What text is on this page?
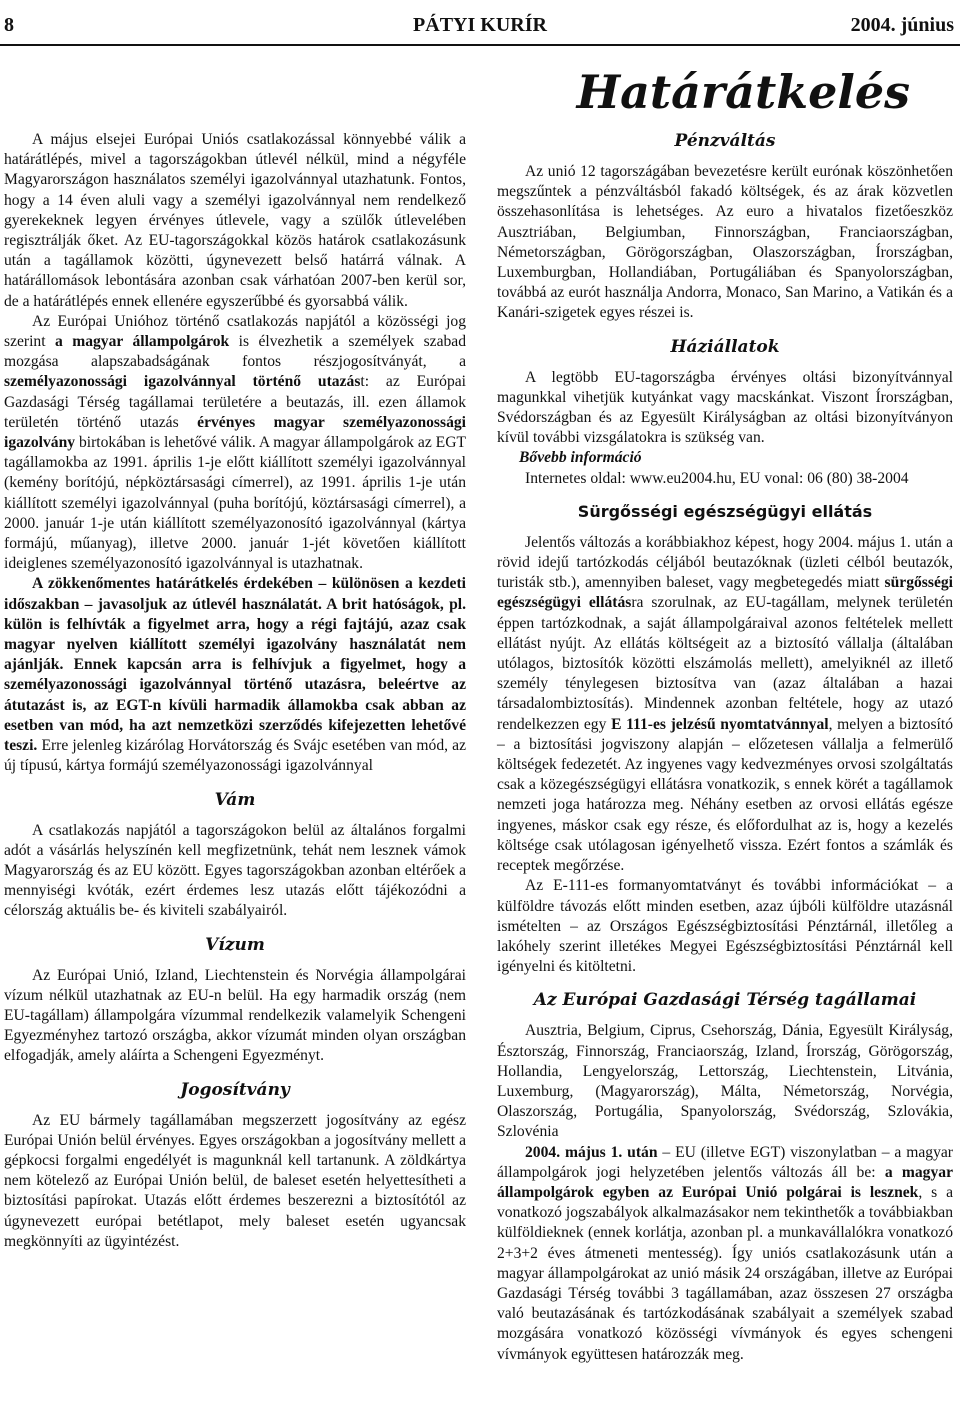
8	PÁTYI KURÍR	2004. június
Határátkelés

A május elsejei Európai Uniós csatlakozással könnyebbé válik a határátlépés, mivel a tagországokban útlevél nélkül, mind a négyféle Magyarországon használatos személyi igazolvánnyal utazhatunk. Fontos, hogy a 14 éven aluli vagy a személyi igazolvánnyal nem rendelkező gyerekeknek legyen érvényes útlevele, vagy a szülők útlevelében regisztrálják őket. Az EU-tagországokkal közös határok csatlakozásunk után a tagállamok közötti, úgynevezett belső határrá válnak. A határállomások lebontására azonban csak várhatóan 2007-ben kerül sor, de a határátlépés ennek ellenére egyszerűbbé és gyorsabbá válik.

Az Európai Unióhoz történő csatlakozás napjától a közösségi jog szerint a magyar állampolgárok is élvezhetik a személyek szabad mozgása alapszabadságának fontos részjogosítványát, a személyazonossági igazolvánnyal történő utazást: az Európai Gazdasági Térség tagállamai területére a beutazás, ill. ezen államok területén történő utazás érvényes magyar személyazonossági igazolvány birtokában is lehetővé válik. A magyar állampolgárok az EGT tagállamokba az 1991. április 1-je előtt kiállított személyi igazolvánnyal (kemény borítójú, népköztársasági címerrel), az 1991. április 1-je után kiállított személyi igazolvánnyal (puha borítójú, köztársasági címerrel), a 2000. január 1-je után kiállított személyazonosító igazolvánnyal (kártya formájú, műanyag), illetve 2000. január 1-jét követően kiállított ideiglenes személyazonosító igazolvánnyal is utazhatnak.

A zökkenőmentes határátkelés érdekében – különösen a kezdeti időszakban – javasoljuk az útlevél használatát. A brit hatóságok, pl. külön is felhívták a figyelmet arra, hogy a régi fajtájú, azaz csak magyar nyelven kiállított személyi igazolvány használatát nem ajánlják. Ennek kapcsán arra is felhívjuk a figyelmet, hogy a személyazonossági igazolvánnyal történő utazásra, beleértve az átutazást is, az EGT-n kívüli harmadik államokba csak abban az esetben van mód, ha azt nemzetközi szerződés kifejezetten lehetővé teszi. Erre jelenleg kizárólag Horvátország és Svájc esetében van mód, az új típusú, kártya formájú személyazonossági igazolvánnyal

Vám

A csatlakozás napjától a tagországokon belül az általános forgalmi adót a vásárlás helyszínén kell megfizetnünk, tehát nem lesznek vámok Magyarország és az EU között. Egyes tagországokban azonban eltérőek a mennyiségi kvóták, ezért érdemes lesz utazás előtt tájékozódni a célország aktuális be- és kiviteli szabályairól.

Vízum

Az Európai Unió, Izland, Liechtenstein és Norvégia állampolgárai vízum nélkül utazhatnak az EU-n belül. Ha egy harmadik ország (nem EU-tagállam) állampolgára vízummal rendelkezik valamelyik Schengeni Egyezményhez tartozó országba, akkor vízumát minden olyan országban elfogadják, amely aláírta a Schengeni Egyezményt.

Jogosítvány

Az EU bármely tagállamában megszerzett jogosítvány az egész Európai Unión belül érvényes. Egyes országokban a jogosítvány mellett a gépkocsi forgalmi engedélyét is magunknál kell tartanunk. A zöldkártya nem kötelező az Európai Unión belül, de baleset esetén helyettesítheti a biztosítási papírokat. Utazás előtt érdemes beszerezni a biztosítótól az úgynevezett európai betétlapot, mely baleset esetén ugyancsak megkönnyíti az ügyintézést.

Pénzváltás

Az unió 12 tagországában bevezetésre került eurónak köszönhetően megszűntek a pénzváltásból fakadó költségek, és az árak közvetlen összehasonlítása is lehetséges. Az euro a hivatalos fizetőeszköz Ausztriában, Belgiumban, Finnországban, Franciaországban, Németországban, Görögországban, Olaszországban, Írországban, Luxemburgban, Hollandiában, Portugáliában és Spanyolországban, továbbá az eurót használja Andorra, Monaco, San Marino, a Vatikán és a Kanári-szigetek egyes részei is.

Háziállatok

A legtöbb EU-tagországba érvényes oltási bizonyítvánnyal magunkkal vihetjük kutyánkat vagy macskánkat. Viszont Írországban, Svédországban és az Egyesült Királyságban az oltási bizonyítványon kívül további vizsgálatokra is szükség van.

Bővebb információ

Internetes oldal: www.eu2004.hu, EU vonal: 06 (80) 38-2004

Sürgősségi egészségügyi ellátás

Jelentős változás a korábbiakhoz képest, hogy 2004. május 1. után a rövid idejű tartózkodás céljából beutazóknak (üzleti célból beutazók, turisták stb.), amennyiben baleset, vagy megbetegedés miatt sürgősségi egészségügyi ellátásra szorulnak, az EU-tagállam, melynek területén éppen tartózkodnak, a saját állampolgáraival azonos feltételek mellett ellátást nyújt. Az ellátás költségeit az a biztosító vállalja (általában utólagos, biztosítók közötti elszámolás mellett), amelyiknél az illető személy ténylegesen biztosítva van (azaz általában a hazai társadalombiztosítás). Mindennek azonban feltétele, hogy az utazó rendelkezzen egy E 111-es jelzésű nyomtatvánnyal, melyen a biztosító – a biztosítási jogviszony alapján – előzetesen vállalja a felmerülő költségek fedezetét. Az ingyenes vagy kedvezményes orvosi szolgáltatás csak a közegészségügyi ellátásra vonatkozik, s ennek körét a tagállamok nemzeti joga határozza meg. Néhány esetben az orvosi ellátás egésze ingyenes, máskor csak egy része, és előfordulhat az is, hogy a kezelés költsége csak utólagosan igényelhető vissza. Ezért fontos a számlák és receptek megőrzése.

Az E-111-es formanyomtatványt és további információkat – a külföldre távozás előtt minden esetben, azaz újbóli külföldre utazásnál ismételten – az Országos Egészségbiztosítási Pénztárnál, illetőleg a lakóhely szerint illetékes Megyei Egészségbiztosítási Pénztárnál kell igényelni és kitöltetni.

Az Európai Gazdasági Térség tagállamai

Ausztria, Belgium, Ciprus, Csehország, Dánia, Egyesült Királyság, Észtország, Finnország, Franciaország, Izland, Írország, Görögország, Hollandia, Lengyelország, Lettország, Liechtenstein, Litvánia, Luxemburg, (Magyarország), Málta, Németország, Norvégia, Olaszország, Portugália, Spanyolország, Svédország, Szlovákia, Szlovénia

2004. május 1. után – EU (illetve EGT) viszonylatban – a magyar állampolgárok jogi helyzetében jelentős változás áll be: a magyar állampolgárok egyben az Európai Unió polgárai is lesznek, s a vonatkozó jogszabályok alkalmazásakor nem tekinthetők a továbbiakban külföldieknek (ennek korlátja, azonban pl. a munkavállalókra vonatkozó 2+3+2 éves átmeneti mentesség). Így uniós csatlakozásunk után a magyar állampolgárokat az unió másik 24 országában, illetve az Európai Gazdasági Térség további 3 tagállamában, azaz összesen 27 országba való beutazásának és tartózkodásának szabályait a személyek szabad mozgására vonatkozó közösségi vívmányok és egyes schengeni vívmányok együttesen határozzák meg.
